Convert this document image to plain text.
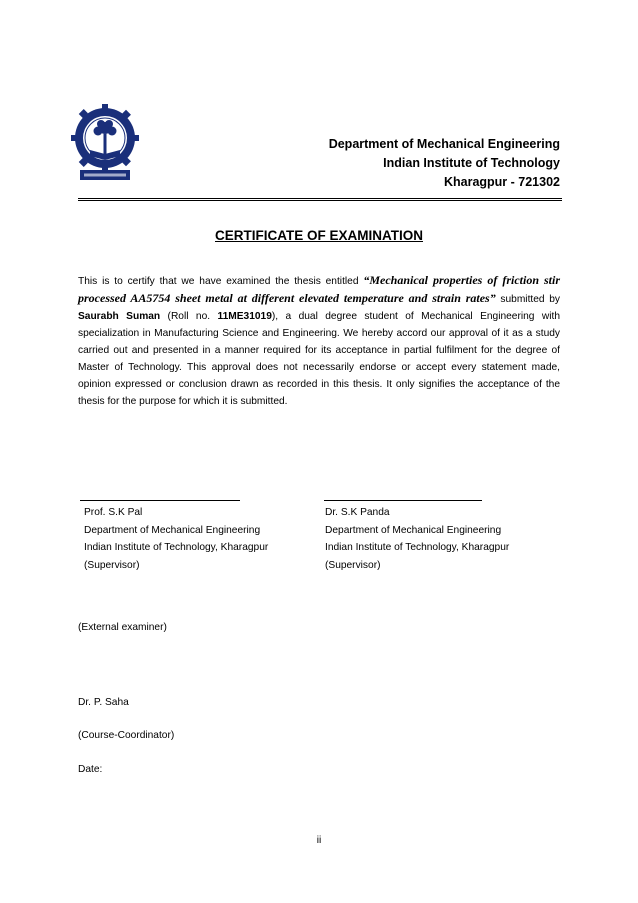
Department of Mechanical Engineering
Indian Institute of Technology
Kharagpur - 721302
CERTIFICATE OF EXAMINATION
This is to certify that we have examined the thesis entitled “Mechanical properties of friction stir processed AA5754 sheet metal at different elevated temperature and strain rates” submitted by Saurabh Suman (Roll no. 11ME31019), a dual degree student of Mechanical Engineering with specialization in Manufacturing Science and Engineering. We hereby accord our approval of it as a study carried out and presented in a manner required for its acceptance in partial fulfilment for the degree of Master of Technology. This approval does not necessarily endorse or accept every statement made, opinion expressed or conclusion drawn as recorded in this thesis. It only signifies the acceptance of the thesis for the purpose for which it is submitted.
Prof. S.K Pal
Department of Mechanical Engineering
Indian Institute of Technology, Kharagpur
(Supervisor)
Dr. S.K Panda
Department of Mechanical Engineering
Indian Institute of Technology, Kharagpur
(Supervisor)
(External examiner)
Dr. P. Saha
(Course-Coordinator)
Date:
ii
